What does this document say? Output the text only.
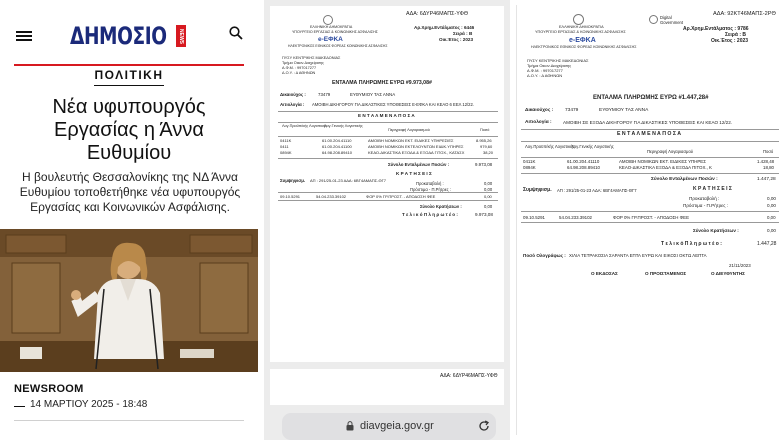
ΔΗΜΟΣΙΟ	NEWS
ΠΟΛΙΤΙΚΗ
Νέα υφυπουργός
Εργασίας η Άννα
Ευθυμίου
Η βουλευτής Θεσσαλονίκης της ΝΔ Άννα Ευθυμίου τοποθετήθηκε νέα υφυπουργός Εργασίας και Κοινωνικών Ασφάλισης.
NEWSROOM
14 ΜΑΡΤΙΟΥ 2025 - 18:48
ΑΔΑ: 6ΔΥΡ46ΜΑΠΣ-ΥΦΘ
ΕΛΛΗΝΙΚΗ ΔΗΜΟΚΡΑΤΙΑ
ΥΠΟΥΡΓΕΙΟ ΕΡΓΑΣΙΑΣ & ΚΟΙΝΩΝΙΚΗΣ ΑΣΦΑΛΙΣΗΣ
e-ΕΦΚΑ
ΗΛΕΚΤΡΟΝΙΚΟΣ ΕΘΝΙΚΟΣ ΦΟΡΕΑΣ ΚΟΙΝΩΝΙΚΗΣ ΑΣΦΑΛΙΣΗΣ
Αρ.Χρημ.Εντάλματος : 6446
Σειρά : Β
Οικ.Έτος : 2023
ΠΥΣΥ ΚΕΝΤΡΙΚΗΣ ΜΑΚΕΔΟΝΙΑΣ
Τμήμα Οικον.Διαχείρισης
Α.Φ.Μ. : 997017277
Δ.Ο.Υ. : Δ ΑΘΗΝΩΝ
ΕΝΤΑΛΜΑ ΠΛΗΡΩΜΗΣ ΕΥΡΩ #9.973,08#
Δικαιούχος :	73479	ΕΥΘΥΜΙΟΥ ΤΑΣ ΑΝΝΑ
Αιτιολογία : ΑΜΟΙΒΗ ΔΙΚΗΓΟΡΟΥ ΓΙΑ ΔΙΚΑΣΤΙΚΕΣ ΥΠΟΘΕΣΕΙΣ Ε-ΕΦΚΑ ΚΑΙ ΚΕΑΟ 6 ΕΕΛ 12/22.
Ε Ν Τ Α Λ Μ Ε Ν Α Π Ο Σ Α
Λογ.Προϋπ/κής Λογιστικής
Λογ.Γενικής Λογιστικής
Περιγραφή Λογαριασμού	Ποσό
0411Κ	61.00.204.41110	ΑΜΟΙΒΗ ΝΟΜΙΚΩΝ ΕΚΤ. ΕΙΔΙΚΕΣ ΥΠΗΡΕΣΙΕΣ	8.955,26
0411	61.00.204.41100	ΑΜΟΙΒΗ ΝΟΜΙΚΩΝ ΕΚΤΕΛΟΥΝΤΩΝ ΕΙΔΙΚ.ΥΠΗΡΕΣ	979,60
0894Κ	64.98.208.89410	ΚΕΑΟ-ΔΙΚΑΣΤΙΚΑ ΕΞΟΔΑ & ΕΞΟΔΑ ΓΙΤΟΧ., ΚΑΤΑΣΧ	38,20
Σύνολο Ενταλμένων Ποσών :	9.973,08
Κ Ρ Α Τ Η Σ Ε Ι Σ
Συμψηφισμ. ΑΠ : 291/25-01-23 ΑΔΑ: 6ΒΓ4ΑΜΑΠΣ-ΘΓ7
Προκαταβολή :	0,00
Πρόστιμα - Π.Ρήτρες :	0,00
09.10.5291	54.04.233.39102	ΦΟΡ 0% ΓΡ.ΠΡΟΣΤ. - ΑΠΟΔΟΣΗ ΦΕΕ	0,00
Σύνολο Κρατήσεων :	0,00
Τ ε λ ι κ ό Π λ η ρ ω τ έ ο :	9.973,08
ΑΔΑ: 6ΔΥΡ46ΜΑΠΣ-ΥΦΘ
diavgeia.gov.gr
ΑΔΑ: 92ΚΤ46ΜΑΠΣ-2ΡΘ
ΕΛΛΗΝΙΚΗ ΔΗΜΟΚΡΑΤΙΑ
ΥΠΟΥΡΓΕΙΟ ΕΡΓΑΣΙΑΣ & ΚΟΙΝΩΝΙΚΗΣ ΑΣΦΑΛΙΣΗΣ
e-ΕΦΚΑ
ΗΛΕΚΤΡΟΝΙΚΟΣ ΕΘΝΙΚΟΣ ΦΟΡΕΑΣ ΚΟΙΝΩΝΙΚΗΣ ΑΣΦΑΛΙΣΗΣ
Digital
Government
Αρ.Χρημ.Εντάλματος : 9786
Σειρά : Β
Οικ.Έτος : 2023
ΠΥΣΥ ΚΕΝΤΡΙΚΗΣ ΜΑΚΕΔΟΝΙΑΣ
Τμήμα Οικον.Διαχείρισης
Α.Φ.Μ. : 997017277
Δ.Ο.Υ. : Δ ΑΘΗΝΩΝ
ΕΝΤΑΛΜΑ ΠΛΗΡΩΜΗΣ ΕΥΡΩ #1.447,28#
Δικαιούχος : 73479	ΕΥΘΥΜΙΟΥ ΤΑΣ ΑΝΝΑ
Αιτιολογία : ΑΜΟΙΒΗ ΣΕ ΕΞΟΔΑ ΔΙΚΗΓΟΡΟΥ ΓΙΑ ΔΙΚΑΣΤΙΚΕΣ ΥΠΟΘΕΣΕΙΣ ΚΑΙ ΚΕΑΟ 12/22.
Ε Ν Τ Α Λ Μ Ε Ν Α Π Ο Σ Α
Λογ.Προϋπ/κής Λογιστικής
Λογ.Γενικής Λογιστικής
Περιγραφή Λογαριασμού	Ποσό
0411Κ	61.00.204.41110	ΑΜΟΙΒΗ ΝΟΜΙΚΩΝ ΕΚΤ. ΕΙΔΙΚΕΣ ΥΠΗΡΕΣ	1.428,48
0894Κ	64.98.208.89410	ΚΕΑΟ-ΔΙΚΑΣΤΙΚΑ ΕΞΟΔΑ & ΕΞΟΔΑ ΠΙΤΟΧ., Κ	18,80
Σύνολο Ενταλμένων Ποσών :	1.447,28
Κ Ρ Α Τ Η Σ Ε Ι Σ
Συμψηφισμ. ΑΠ : 291/25-01-23 ΑΔΑ: 6ΒΓ4ΑΜΑΠΣ-ΘΓ7
Προκαταβολή :	0,00
Πρόστιμα - Π.Ρήτρες :	0,00
09.10.5291	54.04.233.39102	ΦΟΡ 0% ΓΡ.ΠΡΟΣΤ. - ΑΠΟΔΟΣΗ ΦΕΕ	0,00
Σύνολο Κρατήσεων :	0,00
Τ ε λ ι κ ό Π λ η ρ ω τ έ ο :	1.447,28
Ποσό Ολογράφως : ΧΙΛΙΑ ΤΕΤΡΑΚΟΣΙΑ ΣΑΡΑΝΤΑ ΕΠΤΑ ΕΥΡΩ ΚΑΙ ΕΙΚΟΣΙ ΟΚΤΩ ΛΕΠΤΑ
21/11/2023
Ο ΕΚΔΟΣΑΣ	Ο ΠΡΟΙΣΤΑΜΕΝΟΣ	Ο ΔΙΕΥΘΥΝΤΗΣ
